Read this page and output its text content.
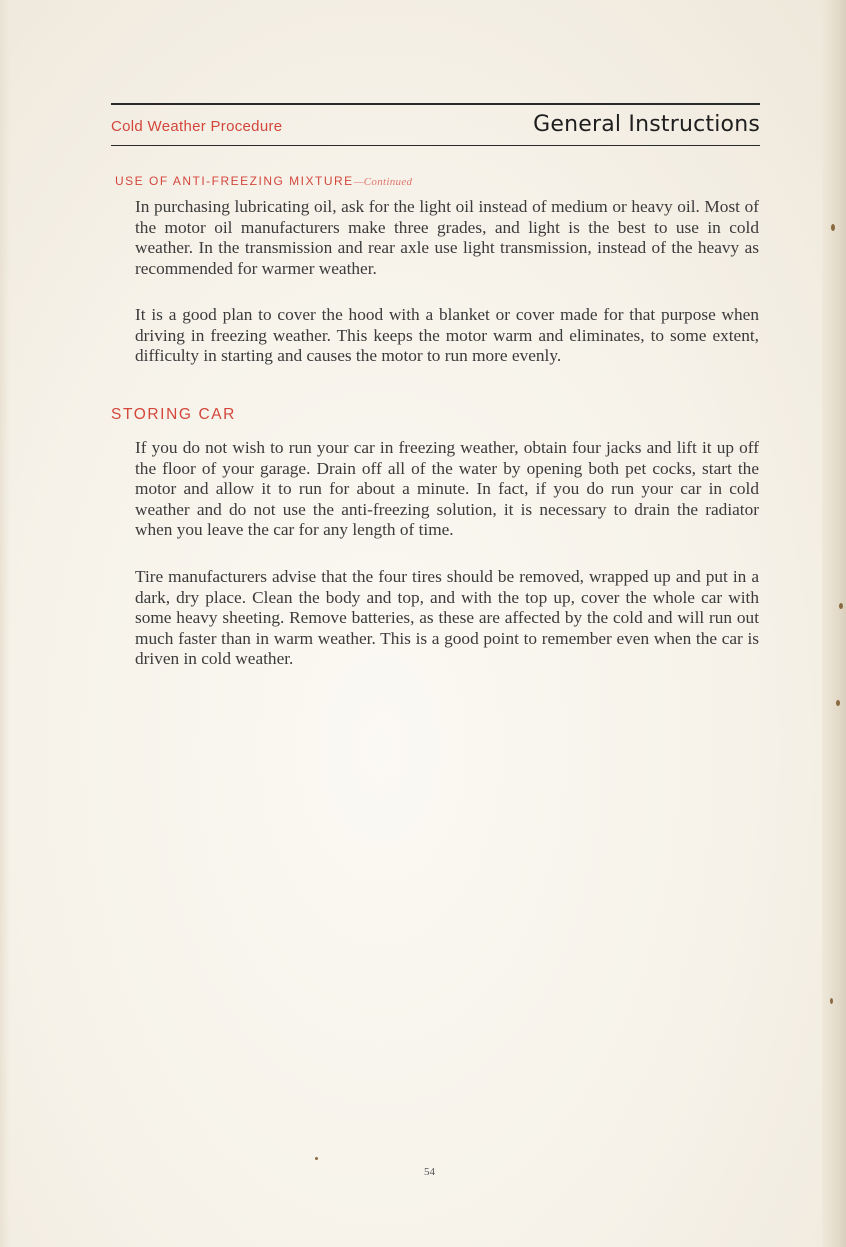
Cold Weather Procedure	General Instructions
USE OF ANTI-FREEZING MIXTURE—Continued

In purchasing lubricating oil, ask for the light oil instead of medium or heavy oil. Most of the motor oil manufacturers make three grades, and light is the best to use in cold weather. In the transmission and rear axle use light transmission, instead of the heavy as recommended for warmer weather.

It is a good plan to cover the hood with a blanket or cover made for that purpose when driving in freezing weather. This keeps the motor warm and eliminates, to some extent, difficulty in starting and causes the motor to run more evenly.

STORING CAR

If you do not wish to run your car in freezing weather, obtain four jacks and lift it up off the floor of your garage. Drain off all of the water by opening both pet cocks, start the motor and allow it to run for about a minute. In fact, if you do run your car in cold weather and do not use the anti-freezing solution, it is necessary to drain the radiator when you leave the car for any length of time.

Tire manufacturers advise that the four tires should be removed, wrapped up and put in a dark, dry place. Clean the body and top, and with the top up, cover the whole car with some heavy sheeting. Remove batteries, as these are affected by the cold and will run out much faster than in warm weather. This is a good point to remember even when the car is driven in cold weather.

54
